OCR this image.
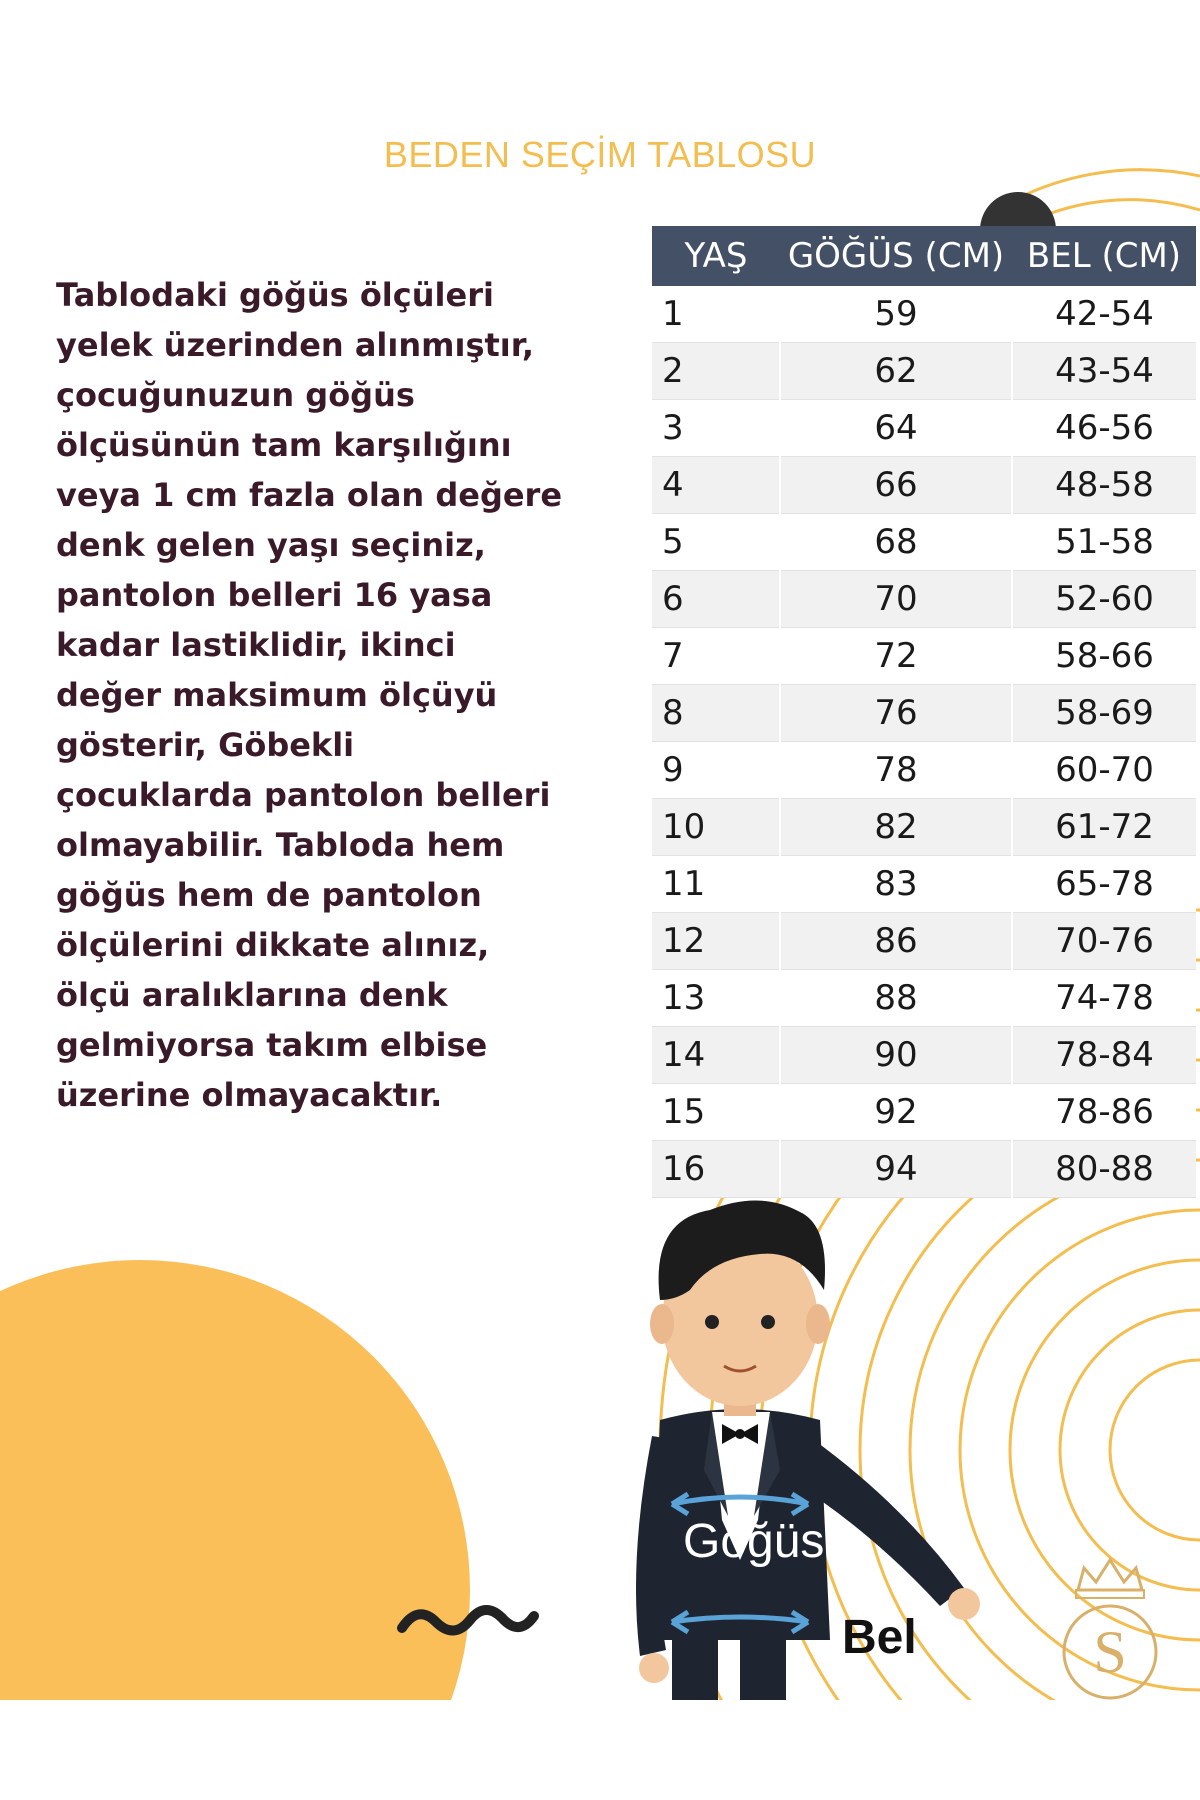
S
BEDEN SEÇİM TABLOSU
Tablodaki göğüs ölçüleri
yelek üzerinden alınmıştır,
çocuğunuzun göğüs
ölçüsünün tam karşılığını
veya 1 cm fazla olan değere
denk gelen yaşı seçiniz,
pantolon belleri 16 yasa
kadar lastiklidir, ikinci
değer maksimum ölçüyü
gösterir, Göbekli
çocuklarda pantolon belleri
olmayabilir. Tabloda hem
göğüs hem de pantolon
ölçülerini dikkate alınız,
ölçü aralıklarına denk
gelmiyorsa takım elbise
üzerine olmayacaktır.
YAŞ	GÖĞÜS (CM)	BEL (CM)
1	59	42-54
2	62	43-54
3	64	46-56
4	66	48-58
5	68	51-58
6	70	52-60
7	72	58-66
8	76	58-69
9	78	60-70
10	82	61-72
11	83	65-78
12	86	70-76
13	88	74-78
14	90	78-84
15	92	78-86
16	94	80-88
Göğüs
Bel
